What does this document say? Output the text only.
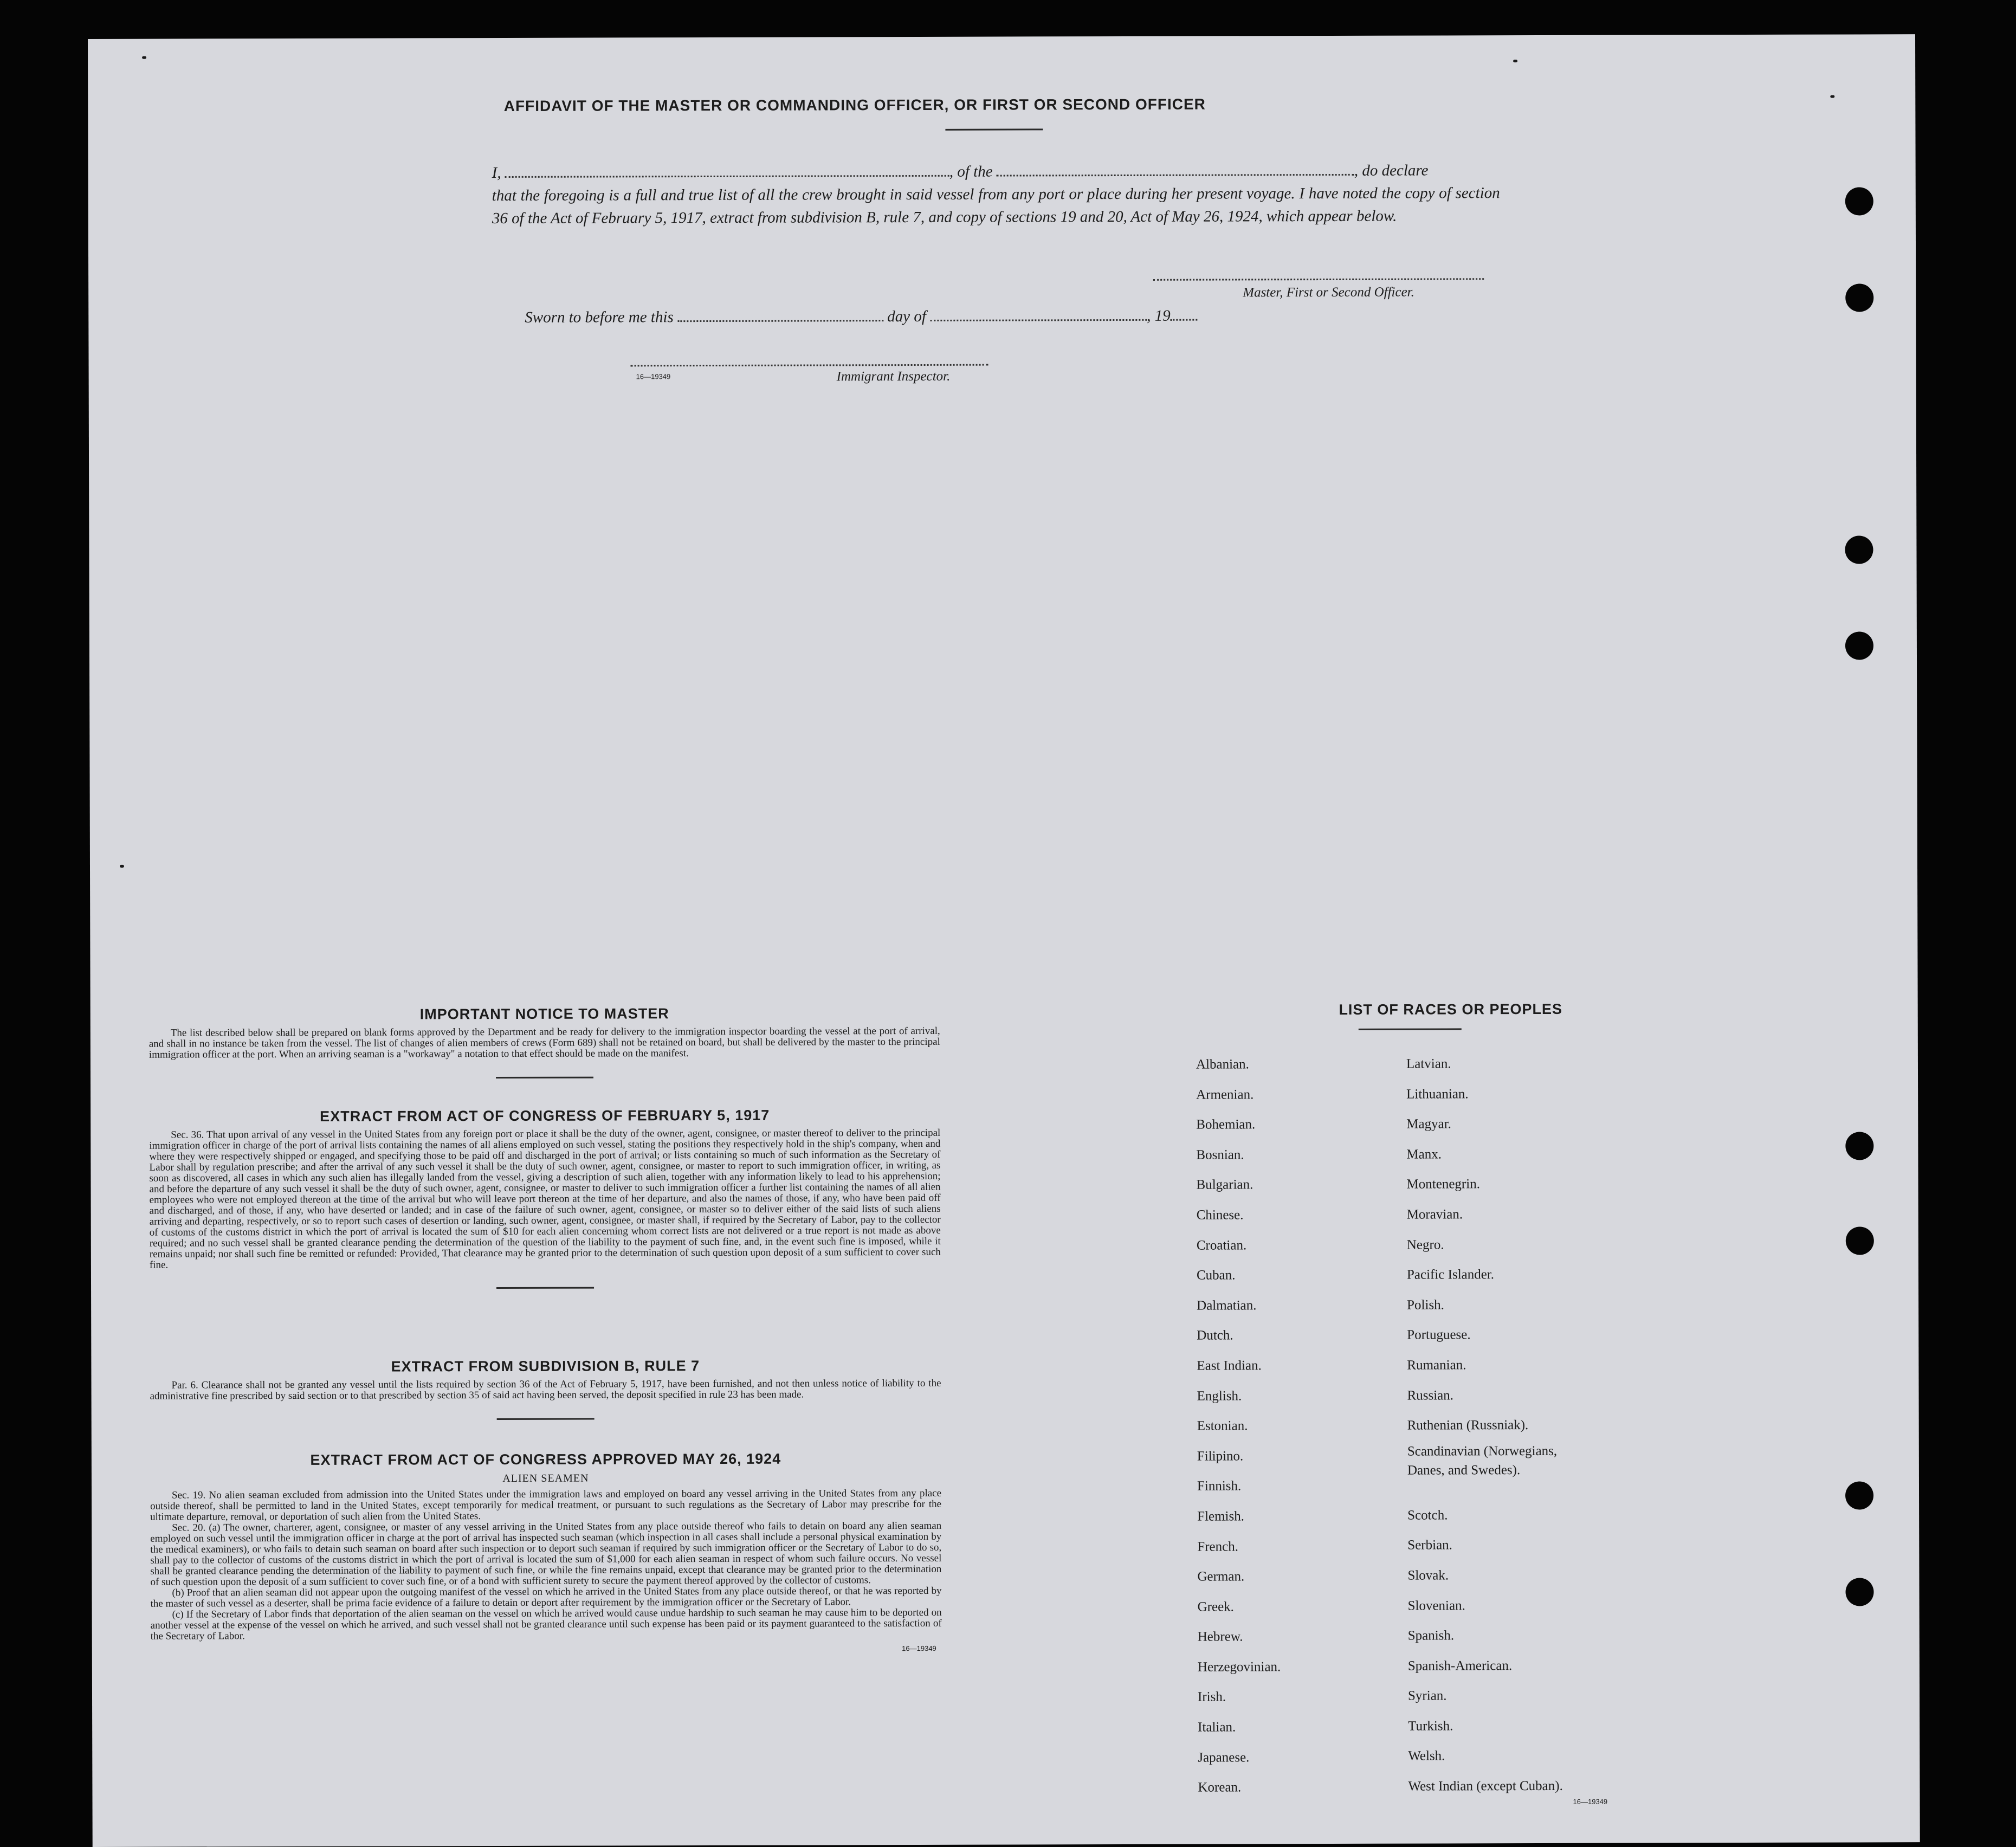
AFFIDAVIT OF THE MASTER OR COMMANDING OFFICER, OR FIRST OR SECOND OFFICER

I,	, of the	, do declare

that the foregoing is a full and true list of all the crew brought in said vessel from any port or place during her present voyage. I have noted the copy of section 36 of the Act of February 5, 1917, extract from subdivision B, rule 7, and copy of sections 19 and 20, Act of May 26, 1924, which appear below.

Master, First or Second Officer.
Sworn to before me this	day of	, 19
16—19349	Immigrant Inspector.
IMPORTANT NOTICE TO MASTER
The list described below shall be prepared on blank forms approved by the Department and be ready for delivery to the immigration inspector boarding the vessel at the port of arrival, and shall in no instance be taken from the vessel. The list of changes of alien members of crews (Form 689) shall not be retained on board, but shall be delivered by the master to the principal immigration officer at the port. When an arriving seaman is a "workaway" a notation to that effect should be made on the manifest.
EXTRACT FROM ACT OF CONGRESS OF FEBRUARY 5, 1917
Sec. 36. That upon arrival of any vessel in the United States from any foreign port or place it shall be the duty of the owner, agent, consignee, or master thereof to deliver to the principal immigration officer in charge of the port of arrival lists containing the names of all aliens employed on such vessel, stating the positions they respectively hold in the ship's company, when and where they were respectively shipped or engaged, and specifying those to be paid off and discharged in the port of arrival; or lists containing so much of such information as the Secretary of Labor shall by regulation prescribe; and after the arrival of any such vessel it shall be the duty of such owner, agent, consignee, or master to report to such immigration officer, in writing, as soon as discovered, all cases in which any such alien has illegally landed from the vessel, giving a description of such alien, together with any information likely to lead to his apprehension; and before the departure of any such vessel it shall be the duty of such owner, agent, consignee, or master to deliver to such immigration officer a further list containing the names of all alien employees who were not employed thereon at the time of the arrival but who will leave port thereon at the time of her departure, and also the names of those, if any, who have been paid off and discharged, and of those, if any, who have deserted or landed; and in case of the failure of such owner, agent, consignee, or master so to deliver either of the said lists of such aliens arriving and departing, respectively, or so to report such cases of desertion or landing, such owner, agent, consignee, or master shall, if required by the Secretary of Labor, pay to the collector of customs of the customs district in which the port of arrival is located the sum of $10 for each alien concerning whom correct lists are not delivered or a true report is not made as above required; and no such vessel shall be granted clearance pending the determination of the question of the liability to the payment of such fine, and, in the event such fine is imposed, while it remains unpaid; nor shall such fine be remitted or refunded: Provided, That clearance may be granted prior to the determination of such question upon deposit of a sum sufficient to cover such fine.
EXTRACT FROM SUBDIVISION B, RULE 7
Par. 6. Clearance shall not be granted any vessel until the lists required by section 36 of the Act of February 5, 1917, have been furnished, and not then unless notice of liability to the administrative fine prescribed by said section or to that prescribed by section 35 of said act having been served, the deposit specified in rule 23 has been made.
EXTRACT FROM ACT OF CONGRESS APPROVED MAY 26, 1924
ALIEN SEAMEN
Sec. 19. No alien seaman excluded from admission into the United States under the immigration laws and employed on board any vessel arriving in the United States from any place outside thereof, shall be permitted to land in the United States, except temporarily for medical treatment, or pursuant to such regulations as the Secretary of Labor may prescribe for the ultimate departure, removal, or deportation of such alien from the United States.
Sec. 20. (a) The owner, charterer, agent, consignee, or master of any vessel arriving in the United States from any place outside thereof who fails to detain on board any alien seaman employed on such vessel until the immigration officer in charge at the port of arrival has inspected such seaman (which inspection in all cases shall include a personal physical examination by the medical examiners), or who fails to detain such seaman on board after such inspection or to deport such seaman if required by such immigration officer or the Secretary of Labor to do so, shall pay to the collector of customs of the customs district in which the port of arrival is located the sum of $1,000 for each alien seaman in respect of whom such failure occurs. No vessel shall be granted clearance pending the determination of the liability to payment of such fine, or while the fine remains unpaid, except that clearance may be granted prior to the determination of such question upon the deposit of a sum sufficient to cover such fine, or of a bond with sufficient surety to secure the payment thereof approved by the collector of customs.
(b) Proof that an alien seaman did not appear upon the outgoing manifest of the vessel on which he arrived in the United States from any place outside thereof, or that he was reported by the master of such vessel as a deserter, shall be prima facie evidence of a failure to detain or deport after requirement by the immigration officer or the Secretary of Labor.
(c) If the Secretary of Labor finds that deportation of the alien seaman on the vessel on which he arrived would cause undue hardship to such seaman he may cause him to be deported on another vessel at the expense of the vessel on which he arrived, and such vessel shall not be granted clearance until such expense has been paid or its payment guaranteed to the satisfaction of the Secretary of Labor.
16—19349
LIST OF RACES OR PEOPLES
Albanian.
Armenian.
Bohemian.
Bosnian.
Bulgarian.
Chinese.
Croatian.
Cuban.
Dalmatian.
Dutch.
East Indian.
English.
Estonian.
Filipino.
Finnish.
Flemish.
French.
German.
Greek.
Hebrew.
Herzegovinian.
Irish.
Italian.
Japanese.
Korean.
Latvian.
Lithuanian.
Magyar.
Manx.
Montenegrin.
Moravian.
Negro.
Pacific Islander.
Polish.
Portuguese.
Rumanian.
Russian.
Ruthenian (Russniak).
Scandinavian (Norwegians,
Danes, and Swedes).
Scotch.
Serbian.
Slovak.
Slovenian.
Spanish.
Spanish-American.
Syrian.
Turkish.
Welsh.
West Indian (except Cuban).
16—19349
